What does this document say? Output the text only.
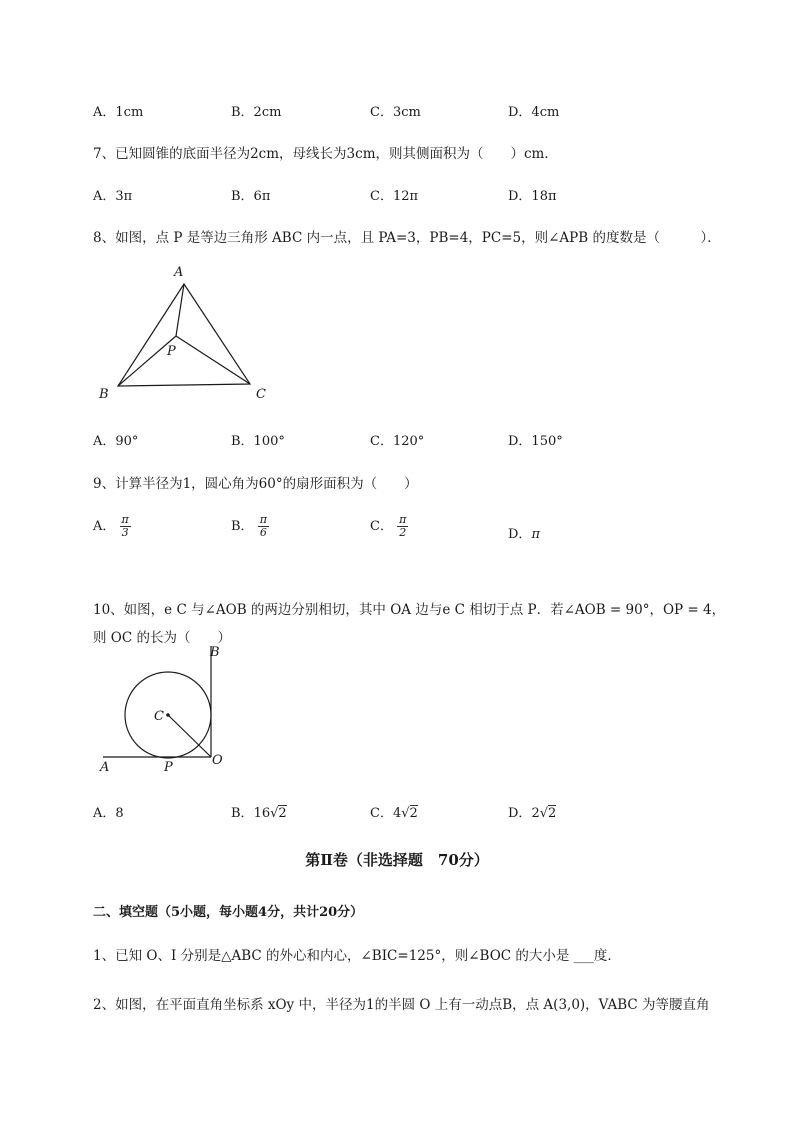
A．1cm	B．2cm	C．3cm	D．4cm
7、已知圆锥的底面半径为2cm，母线长为3cm，则其侧面积为（　　）cm．
A．3π	B．6π	C．12π	D．18π
8、如图，点 P 是等边三角形 ABC 内一点，且 PA=3，PB=4，PC=5，则∠APB 的度数是（　　　）．
A
P
B	C
A．90°	B．100°	C．120°	D．150°
9、计算半径为1，圆心角为60°的扇形面积为（　　）
A． $\frac{\pi}{3}$	B． $\frac{\pi}{6}$	C． $\frac{\pi}{2}$	D．π
10、如图，e C 与∠AOB 的两边分别相切，其中 OA 边与e C 相切于点 P．若∠AOB = 90°，OP = 4，
则 OC 的长为（　　）
B
C
A	P	O
A．8	B．16√2	C．4√2	D．2√2
第Ⅱ卷（非选择题　70分）
二、填空题（5小题，每小题4分，共计20分）
1、已知 O、I 分别是△ABC 的外心和内心，∠BIC=125°，则∠BOC 的大小是 ___度．
2、如图，在平面直角坐标系 xOy 中，半径为1的半圆 O 上有一动点B，点 A(3,0)，VABC 为等腰直角
